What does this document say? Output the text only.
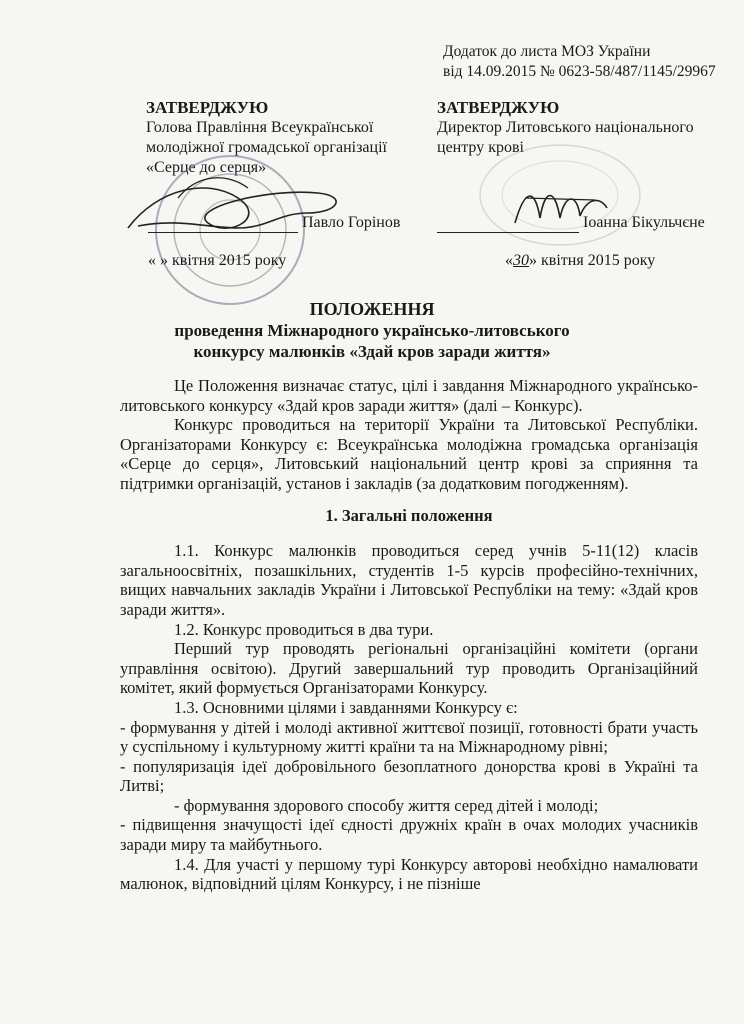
Додаток до листа МОЗ України
від 14.09.2015 № 0623-58/487/1145/29967
ЗАТВЕРДЖУЮ
Голова Правління Всеукраїнської
молодіжної громадської організації
«Серце до серця»
Павло Горінов
« » квітня 2015 року
ЗАТВЕРДЖУЮ
Директор Литовського національного
центру крові
Іоанна Бікульчєне
«30» квітня 2015 року
ПОЛОЖЕННЯ
проведення Міжнародного українсько-литовського
конкурсу малюнків «Здай кров заради життя»

Це Положення визначає статус, цілі і завдання Міжнародного українсько-литовського конкурсу «Здай кров заради життя» (далі – Конкурс).

Конкурс проводиться на території України та Литовської Республіки. Організаторами Конкурсу є: Всеукраїнська молодіжна громадська організація «Серце до серця», Литовський національний центр крові за сприяння та підтримки організацій, установ і закладів (за додатковим погодженням).

1. Загальні положення

1.1. Конкурс малюнків проводиться серед учнів 5-11(12) класів загальноосвітніх, позашкільних, студентів 1-5 курсів професійно-технічних, вищих навчальних закладів України і Литовської Республіки на тему: «Здай кров заради життя».

1.2. Конкурс проводиться в два тури.

Перший тур проводять регіональні організаційні комітети (органи управління освітою). Другий завершальний тур проводить Організаційний комітет, який формується Організаторами Конкурсу.

1.3. Основними цілями і завданнями Конкурсу є:

- формування у дітей і молоді активної життєвої позиції, готовності брати участь у суспільному і культурному житті країни та на Міжнародному рівні;

- популяризація ідеї добровільного безоплатного донорства крові в Україні та Литві;

- формування здорового способу життя серед дітей і молоді;

- підвищення значущості ідеї єдності дружніх країн в очах молодих учасників заради миру та майбутнього.

1.4. Для участі у першому турі Конкурсу авторові необхідно намалювати малюнок, відповідний цілям Конкурсу, і не пізніше
